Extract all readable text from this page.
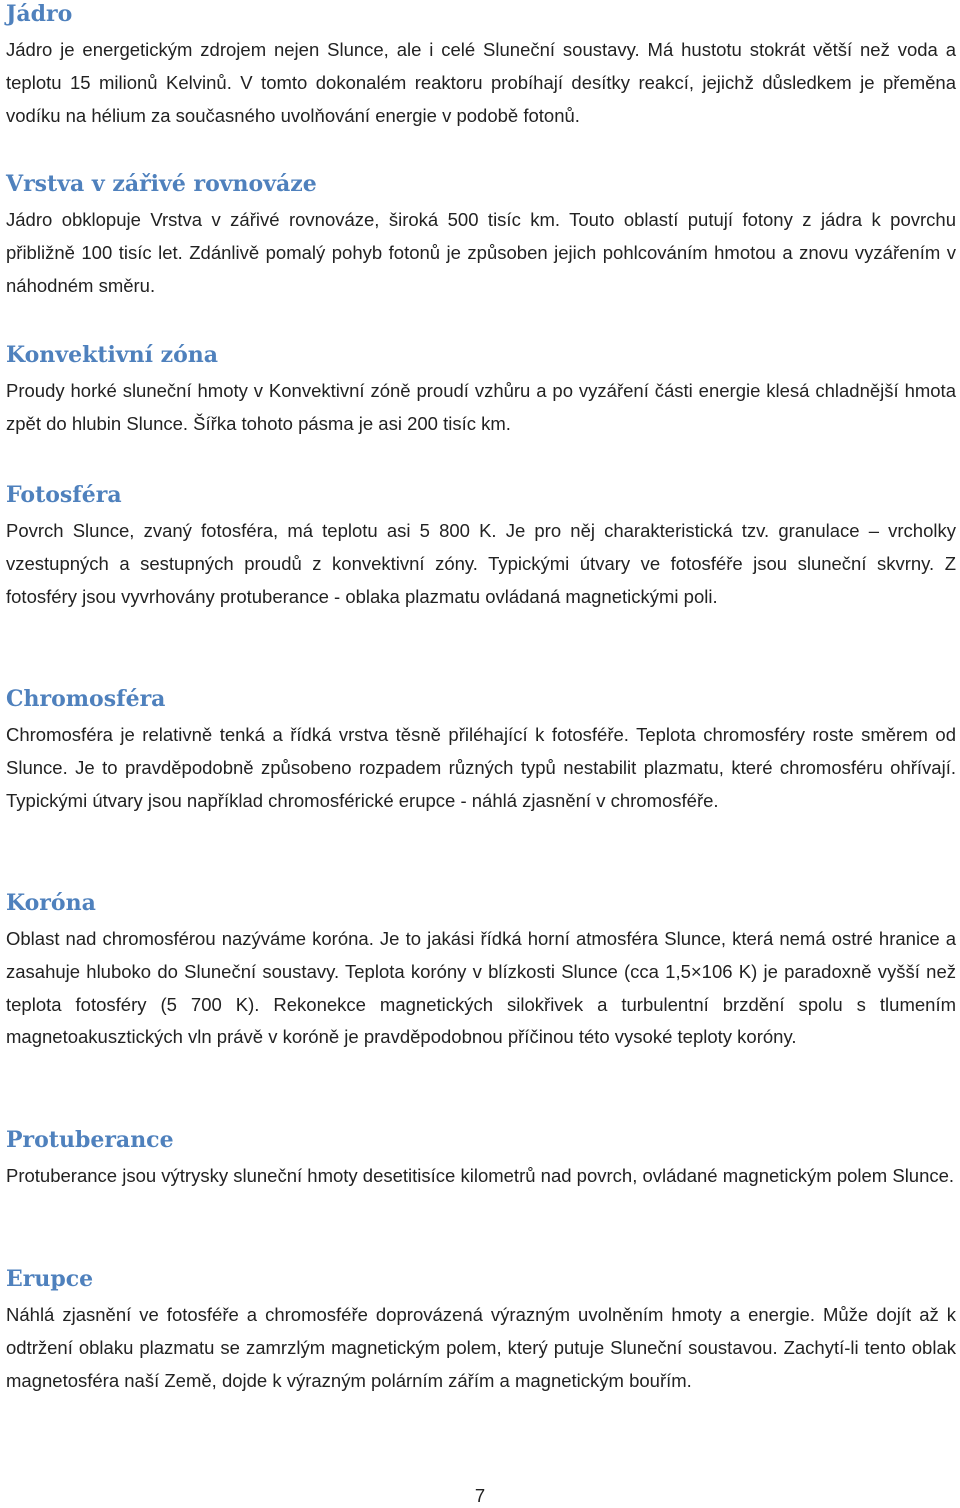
Jádro

Jádro je energetickým zdrojem nejen Slunce, ale i celé Sluneční soustavy. Má hustotu stokrát větší než voda a teplotu 15 milionů Kelvinů. V tomto dokonalém reaktoru probíhají desítky reakcí, jejichž důsledkem je přeměna vodíku na hélium za současného uvolňování energie v podobě fotonů.

Vrstva v zářivé rovnováze

Jádro obklopuje Vrstva v zářivé rovnováze, široká 500 tisíc km. Touto oblastí putují fotony z jádra k povrchu přibližně 100 tisíc let. Zdánlivě pomalý pohyb fotonů je způsoben jejich pohlcováním hmotou a znovu vyzářením v náhodném směru.

Konvektivní zóna

Proudy horké sluneční hmoty v Konvektivní zóně proudí vzhůru a po vyzáření části energie klesá chladnější hmota zpět do hlubin Slunce. Šířka tohoto pásma je asi 200 tisíc km.

Fotosféra

Povrch Slunce, zvaný fotosféra, má teplotu asi 5 800 K. Je pro něj charakteristická tzv. granulace – vrcholky vzestupných a sestupných proudů z konvektivní zóny. Typickými útvary ve fotosféře jsou sluneční skvrny. Z fotosféry jsou vyvrhovány protuberance - oblaka plazmatu ovládaná magnetickými poli.

Chromosféra

Chromosféra je relativně tenká a řídká vrstva těsně přiléhající k fotosféře. Teplota chromosféry roste směrem od Slunce. Je to pravděpodobně způsobeno rozpadem různých typů nestabilit plazmatu, které chromosféru ohřívají. Typickými útvary jsou například chromosférické erupce - náhlá zjasnění v chromosféře.

Koróna

Oblast nad chromosférou nazýváme koróna. Je to jakási řídká horní atmosféra Slunce, která nemá ostré hranice a zasahuje hluboko do Sluneční soustavy. Teplota koróny v blízkosti Slunce (cca 1,5×106 K) je paradoxně vyšší než teplota fotosféry (5 700 K). Rekonekce magnetických silokřivek a turbulentní brzdění spolu s tlumením magnetoakusztických vln právě v koróně je pravděpodobnou příčinou této vysoké teploty koróny.

Protuberance

Protuberance jsou výtrysky sluneční hmoty desetitisíce kilometrů nad povrch, ovládané magnetickým polem Slunce.

Erupce

Náhlá zjasnění ve fotosféře a chromosféře doprovázená výrazným uvolněním hmoty a energie. Může dojít až k odtržení oblaku plazmatu se zamrzlým magnetickým polem, který putuje Sluneční soustavou. Zachytí-li tento oblak magnetosféra naší Země, dojde k výrazným polárním zářím a magnetickým bouřím.

7
